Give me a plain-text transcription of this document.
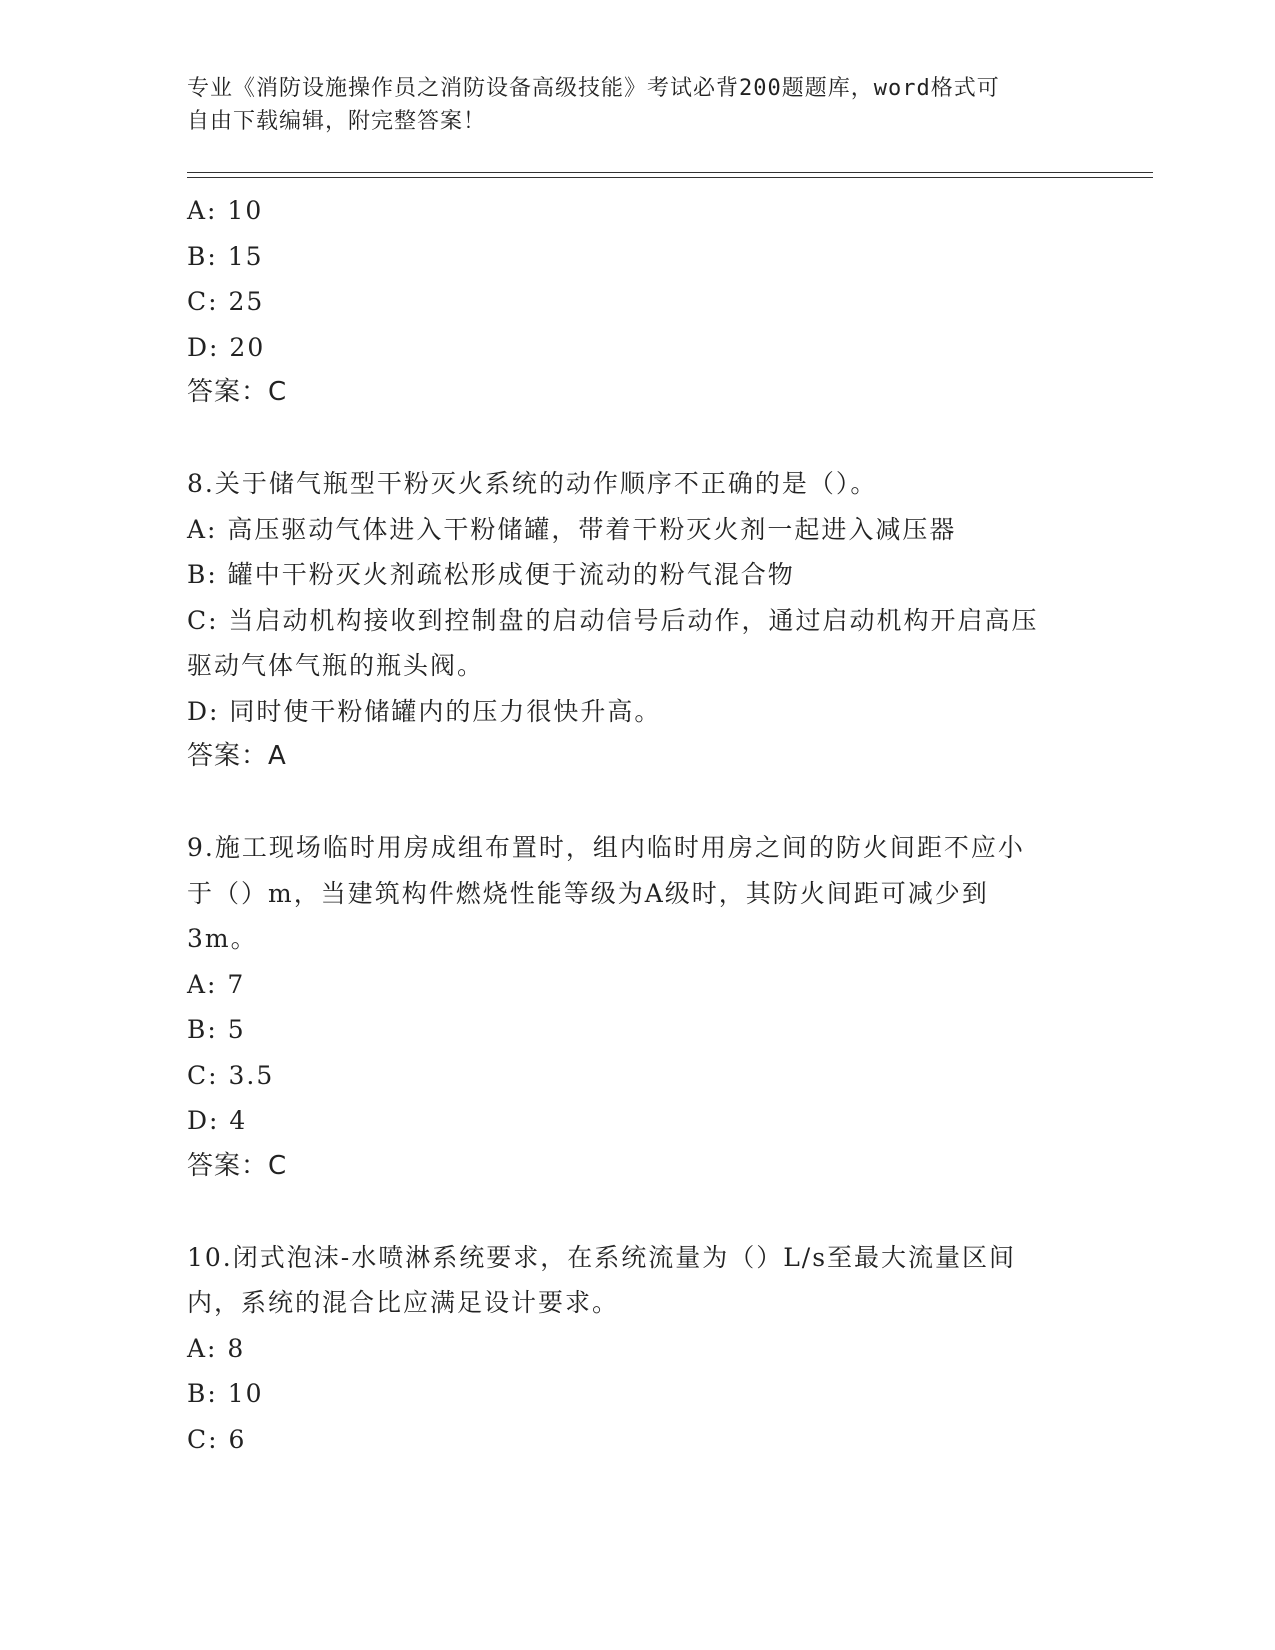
专业《消防设施操作员之消防设备高级技能》考试必背200题题库，word格式可
自由下载编辑，附完整答案！
A: 10
B: 15
C: 25
D: 20
答案：C
8.关于储气瓶型干粉灭火系统的动作顺序不正确的是（）。
A: 高压驱动气体进入干粉储罐，带着干粉灭火剂一起进入减压器
B: 罐中干粉灭火剂疏松形成便于流动的粉气混合物
C: 当启动机构接收到控制盘的启动信号后动作，通过启动机构开启高压驱动气体气瓶的瓶头阀。
D: 同时使干粉储罐内的压力很快升高。
答案：A
9.施工现场临时用房成组布置时，组内临时用房之间的防火间距不应小于（）m，当建筑构件燃烧性能等级为A级时，其防火间距可减少到3m。
A: 7
B: 5
C: 3.5
D: 4
答案：C
10.闭式泡沫-水喷淋系统要求，在系统流量为（）L/s至最大流量区间内，系统的混合比应满足设计要求。
A: 8
B: 10
C: 6
